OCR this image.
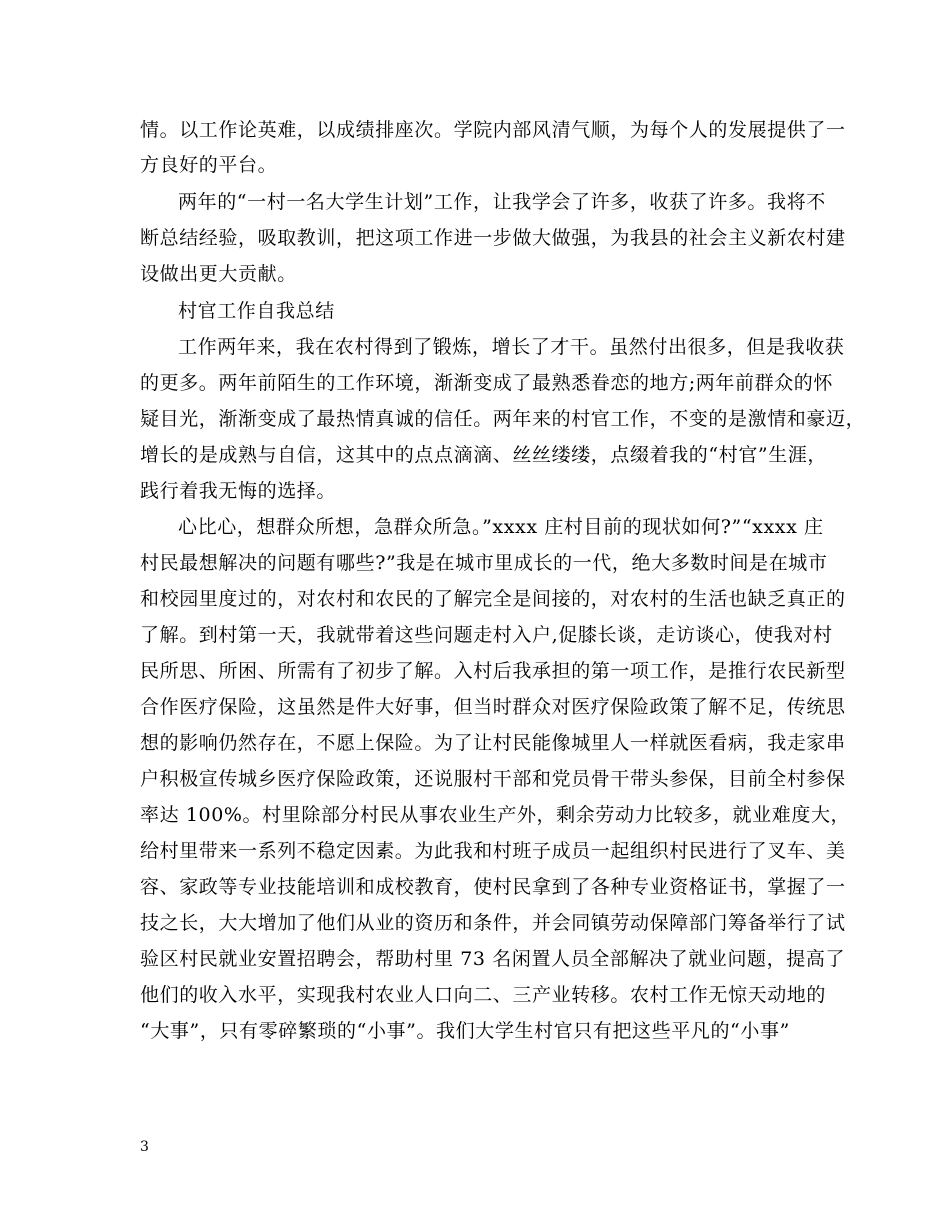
情。以工作论英难，以成绩排座次。学院内部风清气顺，为每个人的发展提供了一
方良好的平台。
两年的“一村一名大学生计划”工作，让我学会了许多，收获了许多。我将不
断总结经验，吸取教训，把这项工作进一步做大做强，为我县的社会主义新农村建
设做出更大贡献。
村官工作自我总结
工作两年来，我在农村得到了锻炼，增长了才干。虽然付出很多，但是我收获
的更多。两年前陌生的工作环境，渐渐变成了最熟悉眷恋的地方;两年前群众的怀
疑目光，渐渐变成了最热情真诚的信任。两年来的村官工作，不变的是激情和豪迈，
增长的是成熟与自信，这其中的点点滴滴、丝丝缕缕，点缀着我的“村官”生涯，
践行着我无悔的选择。
心比心，想群众所想，急群众所急。”xxxx 庄村目前的现状如何?”“xxxx 庄
村民最想解决的问题有哪些?”我是在城市里成长的一代，绝大多数时间是在城市
和校园里度过的，对农村和农民的了解完全是间接的，对农村的生活也缺乏真正的
了解。到村第一天，我就带着这些问题走村入户,促膝长谈，走访谈心，使我对村
民所思、所困、所需有了初步了解。入村后我承担的第一项工作，是推行农民新型
合作医疗保险，这虽然是件大好事，但当时群众对医疗保险政策了解不足，传统思
想的影响仍然存在，不愿上保险。为了让村民能像城里人一样就医看病，我走家串
户积极宣传城乡医疗保险政策，还说服村干部和党员骨干带头参保，目前全村参保
率达 100%。村里除部分村民从事农业生产外，剩余劳动力比较多，就业难度大，
给村里带来一系列不稳定因素。为此我和村班子成员一起组织村民进行了叉车、美
容、家政等专业技能培训和成校教育，使村民拿到了各种专业资格证书，掌握了一
技之长，大大增加了他们从业的资历和条件，并会同镇劳动保障部门筹备举行了试
验区村民就业安置招聘会，帮助村里 73 名闲置人员全部解决了就业问题，提高了
他们的收入水平，实现我村农业人口向二、三产业转移。农村工作无惊天动地的
“大事”，只有零碎繁琐的“小事”。我们大学生村官只有把这些平凡的“小事”
3
